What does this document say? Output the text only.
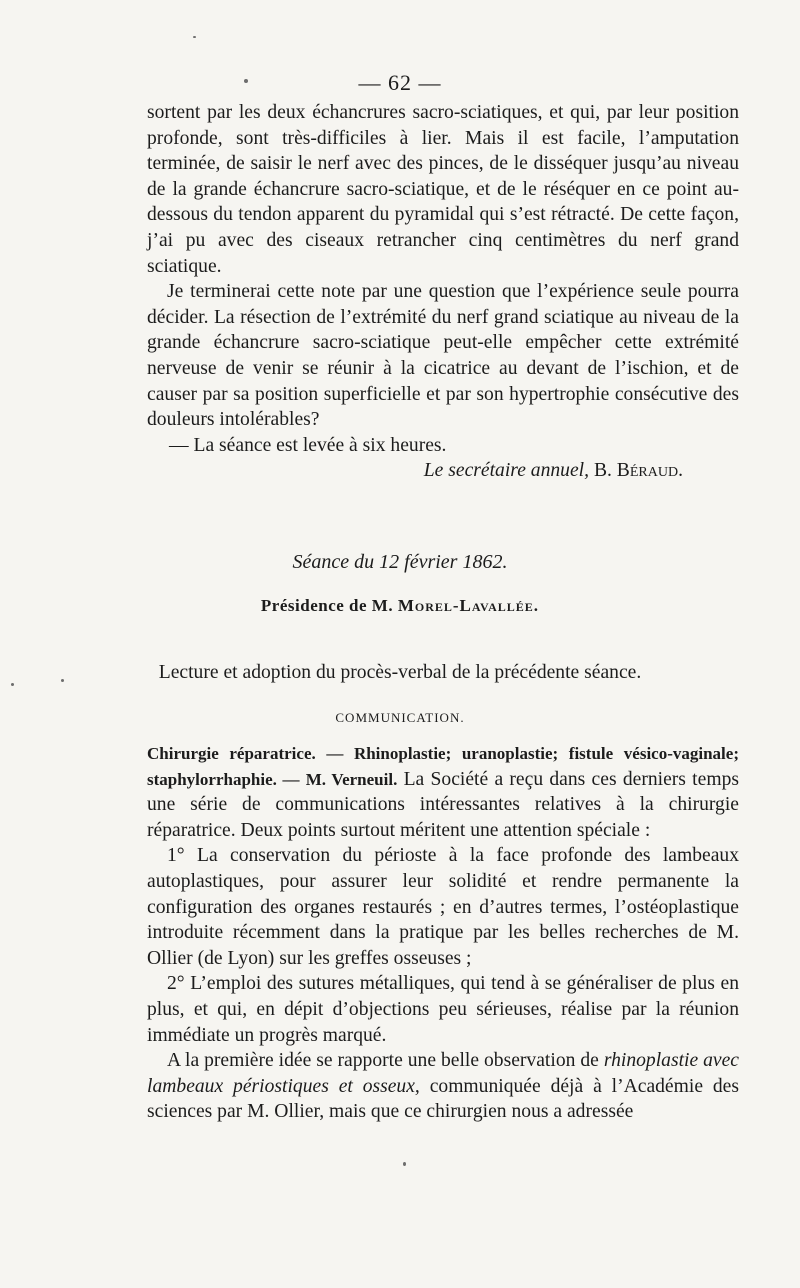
— 62 —

sortent par les deux échancrures sacro-sciatiques, et qui, par leur position profonde, sont très-difficiles à lier. Mais il est facile, l’amputation terminée, de saisir le nerf avec des pinces, de le disséquer jusqu’au niveau de la grande échancrure sacro-sciatique, et de le réséquer en ce point au-dessous du tendon apparent du pyramidal qui s’est rétracté. De cette façon, j’ai pu avec des ciseaux retrancher cinq centimètres du nerf grand sciatique.

Je terminerai cette note par une question que l’expérience seule pourra décider. La résection de l’extrémité du nerf grand sciatique au niveau de la grande échancrure sacro-sciatique peut-elle empêcher cette extrémité nerveuse de venir se réunir à la cicatrice au devant de l’ischion, et de causer par sa position superficielle et par son hypertrophie consécutive des douleurs intolérables?

— La séance est levée à six heures.

Le secrétaire annuel, B. Béraud.

Séance du 12 février 1862.
Présidence de M. Morel-Lavallée.
Lecture et adoption du procès-verbal de la précédente séance.
COMMUNICATION.

Chirurgie réparatrice. — Rhinoplastie; uranoplastie; fistule vésico-vaginale; staphylorrhaphie. — M. Verneuil. La Société a reçu dans ces derniers temps une série de communications intéressantes relatives à la chirurgie réparatrice. Deux points surtout méritent une attention spéciale :

1° La conservation du périoste à la face profonde des lambeaux autoplastiques, pour assurer leur solidité et rendre permanente la configuration des organes restaurés ; en d’autres termes, l’ostéoplastique introduite récemment dans la pratique par les belles recherches de M. Ollier (de Lyon) sur les greffes osseuses ;

2° L’emploi des sutures métalliques, qui tend à se généraliser de plus en plus, et qui, en dépit d’objections peu sérieuses, réalise par la réunion immédiate un progrès marqué.

A la première idée se rapporte une belle observation de rhinoplastie avec lambeaux périostiques et osseux, communiquée déjà à l’Académie des sciences par M. Ollier, mais que ce chirurgien nous a adressée
